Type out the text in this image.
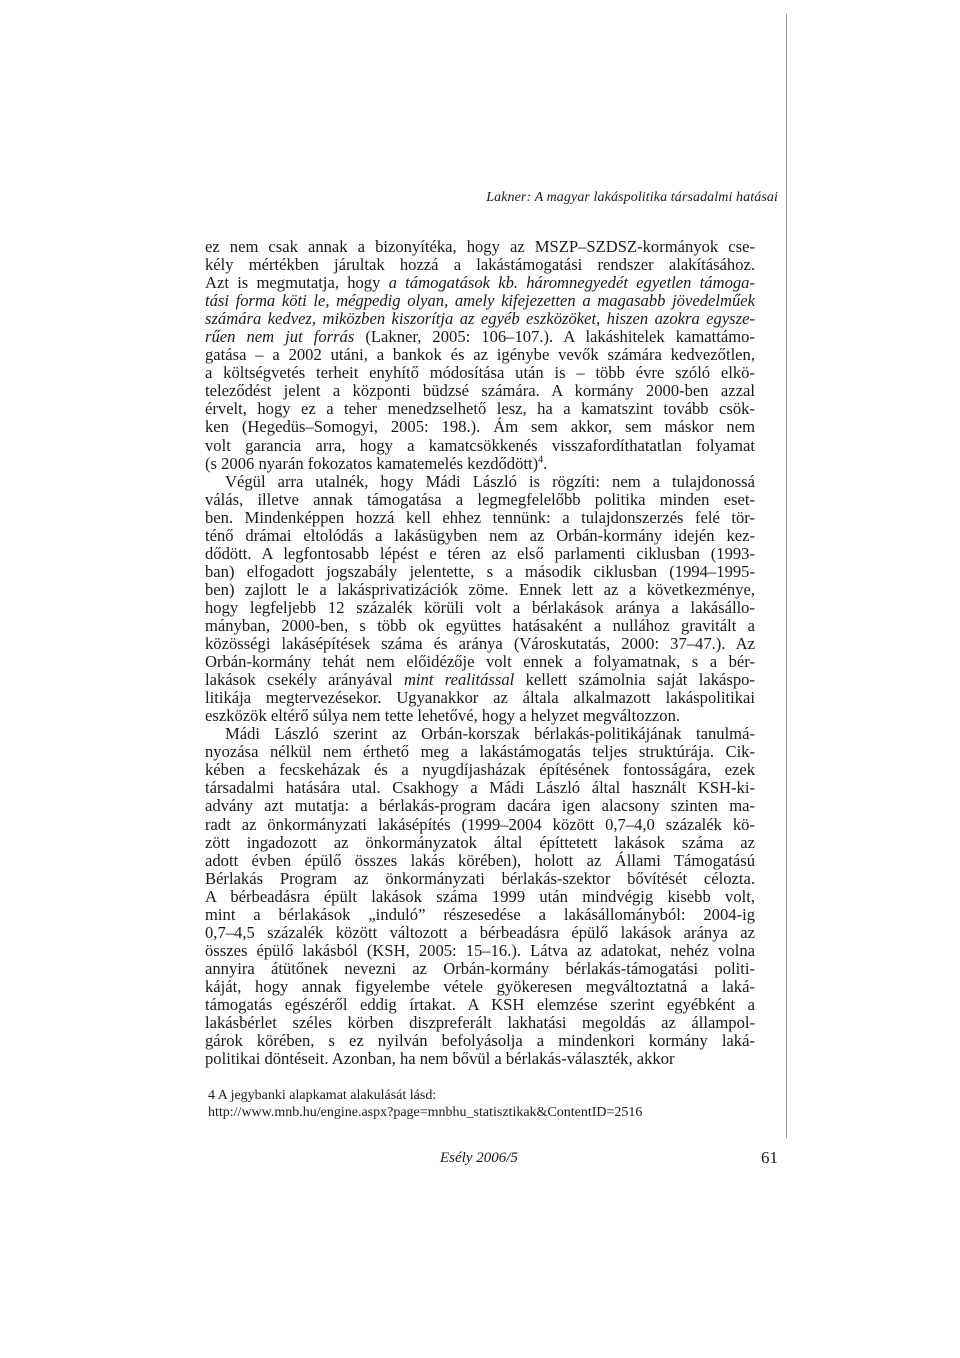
Lakner: A magyar lakáspolitika társadalmi hatásai
ez nem csak annak a bizonyítéka, hogy az MSZP–SZDSZ-kormányok cse-
kély mértékben járultak hozzá a lakástámogatási rendszer alakításához.
Azt is megmutatja, hogy a támogatások kb. háromnegyedét egyetlen támoga-
tási forma köti le, mégpedig olyan, amely kifejezetten a magasabb jövedelműek
számára kedvez, miközben kiszorítja az egyéb eszközöket, hiszen azokra egysze-
rűen nem jut forrás (Lakner, 2005: 106–107.). A lakáshitelek kamattámo-
gatása – a 2002 utáni, a bankok és az igénybe vevők számára kedvezőtlen,
a költségvetés terheit enyhítő módosítása után is – több évre szóló elkö-
teleződést jelent a központi büdzsé számára. A kormány 2000-ben azzal
érvelt, hogy ez a teher menedzselhető lesz, ha a kamatszint tovább csök-
ken (Hegedüs–Somogyi, 2005: 198.). Ám sem akkor, sem máskor nem
volt garancia arra, hogy a kamatcsökkenés visszafordíthatatlan folyamat
(s 2006 nyarán fokozatos kamatemelés kezdődött)$^4$.
Végül arra utalnék, hogy Mádi László is rögzíti: nem a tulajdonossá
válás, illetve annak támogatása a legmegfelelőbb politika minden eset-
ben. Mindenképpen hozzá kell ehhez tennünk: a tulajdonszerzés felé tör-
ténő drámai eltolódás a lakásügyben nem az Orbán-kormány idején kez-
dődött. A legfontosabb lépést e téren az első parlamenti ciklusban (1993-
ban) elfogadott jogszabály jelentette, s a második ciklusban (1994–1995-
ben) zajlott le a lakásprivatizációk zöme. Ennek lett az a következménye,
hogy legfeljebb 12 százalék körüli volt a bérlakások aránya a lakásállo-
mányban, 2000-ben, s több ok együttes hatásaként a nullához gravitált a
közösségi lakásépítések száma és aránya (Városkutatás, 2000: 37–47.). Az
Orbán-kormány tehát nem előidézője volt ennek a folyamatnak, s a bér-
lakások csekély arányával mint realitással kellett számolnia saját lakáspo-
litikája megtervezésekor. Ugyanakkor az általa alkalmazott lakáspolitikai
eszközök eltérő súlya nem tette lehetővé, hogy a helyzet megváltozzon.
Mádi László szerint az Orbán-korszak bérlakás-politikájának tanulmá-
nyozása nélkül nem érthető meg a lakástámogatás teljes struktúrája. Cik-
kében a fecskeházak és a nyugdíjasházak építésének fontosságára, ezek
társadalmi hatására utal. Csakhogy a Mádi László által használt KSH-ki-
advány azt mutatja: a bérlakás-program dacára igen alacsony szinten ma-
radt az önkormányzati lakásépítés (1999–2004 között 0,7–4,0 százalék kö-
zött ingadozott az önkormányzatok által építtetett lakások száma az
adott évben épülő összes lakás körében), holott az Állami Támogatású
Bérlakás Program az önkormányzati bérlakás-szektor bővítését célozta.
A bérbeadásra épült lakások száma 1999 után mindvégig kisebb volt,
mint a bérlakások „induló” részesedése a lakásállományból: 2004-ig
0,7–4,5 százalék között változott a bérbeadásra épülő lakások aránya az
összes épülő lakásból (KSH, 2005: 15–16.). Látva az adatokat, nehéz volna
annyira átütőnek nevezni az Orbán-kormány bérlakás-támogatási politi-
káját, hogy annak figyelembe vétele gyökeresen megváltoztatná a laká-
támogatás egészéről eddig írtakat. A KSH elemzése szerint egyébként a
lakásbérlet széles körben diszpreferált lakhatási megoldás az állampol-
gárok körében, s ez nyilván befolyásolja a mindenkori kormány laká-
politikai döntéseit. Azonban, ha nem bővül a bérlakás-választék, akkor
4 A jegybanki alapkamat alakulását lásd:
http://www.mnb.hu/engine.aspx?page=mnbhu_statisztikak&ContentID=2516
Esély 2006/5	61
